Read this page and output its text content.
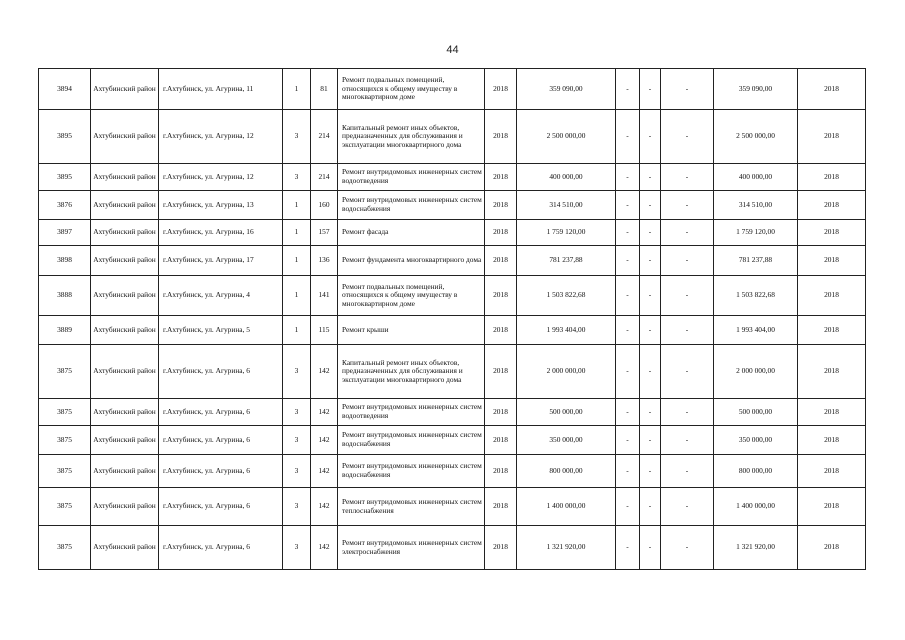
44
3894	Ахтубинский район	г.Ахтубинск, ул. Агурина, 11	1	81	Ремонт подвальных помещений, относящихся к общему имуществу в многоквартирном доме	2018	359 090,00	-	-	-	359 090,00	2018
3895	Ахтубинский район	г.Ахтубинск, ул. Агурина, 12	3	214	Капитальный ремонт иных объектов, предназначенных для обслуживания и эксплуатации многоквартирного дома	2018	2 500 000,00	-	-	-	2 500 000,00	2018
3895	Ахтубинский район	г.Ахтубинск, ул. Агурина, 12	3	214	Ремонт внутридомовых инженерных систем водоотведения	2018	400 000,00	-	-	-	400 000,00	2018
3876	Ахтубинский район	г.Ахтубинск, ул. Агурина, 13	1	160	Ремонт внутридомовых инженерных систем водоснабжения	2018	314 510,00	-	-	-	314 510,00	2018
3897	Ахтубинский район	г.Ахтубинск, ул. Агурина, 16	1	157	Ремонт фасада	2018	1 759 120,00	-	-	-	1 759 120,00	2018
3898	Ахтубинский район	г.Ахтубинск, ул. Агурина, 17	1	136	Ремонт фундамента многоквартирного дома	2018	781 237,88	-	-	-	781 237,88	2018
3888	Ахтубинский район	г.Ахтубинск, ул. Агурина, 4	1	141	Ремонт подвальных помещений, относящихся к общему имуществу в многоквартирном доме	2018	1 503 822,68	-	-	-	1 503 822,68	2018
3889	Ахтубинский район	г.Ахтубинск, ул. Агурина, 5	1	115	Ремонт крыши	2018	1 993 404,00	-	-	-	1 993 404,00	2018
3875	Ахтубинский район	г.Ахтубинск, ул. Агурина, 6	3	142	Капитальный ремонт иных объектов, предназначенных для обслуживания и эксплуатации многоквартирного дома	2018	2 000 000,00	-	-	-	2 000 000,00	2018
3875	Ахтубинский район	г.Ахтубинск, ул. Агурина, 6	3	142	Ремонт внутридомовых инженерных систем водоотведения	2018	500 000,00	-	-	-	500 000,00	2018
3875	Ахтубинский район	г.Ахтубинск, ул. Агурина, 6	3	142	Ремонт внутридомовых инженерных систем водоснабжения	2018	350 000,00	-	-	-	350 000,00	2018
3875	Ахтубинский район	г.Ахтубинск, ул. Агурина, 6	3	142	Ремонт внутридомовых инженерных систем водоснабжения	2018	800 000,00	-	-	-	800 000,00	2018
3875	Ахтубинский район	г.Ахтубинск, ул. Агурина, 6	3	142	Ремонт внутридомовых инженерных систем теплоснабжения	2018	1 400 000,00	-	-	-	1 400 000,00	2018
3875	Ахтубинский район	г.Ахтубинск, ул. Агурина, 6	3	142	Ремонт внутридомовых инженерных систем электроснабжения	2018	1 321 920,00	-	-	-	1 321 920,00	2018
